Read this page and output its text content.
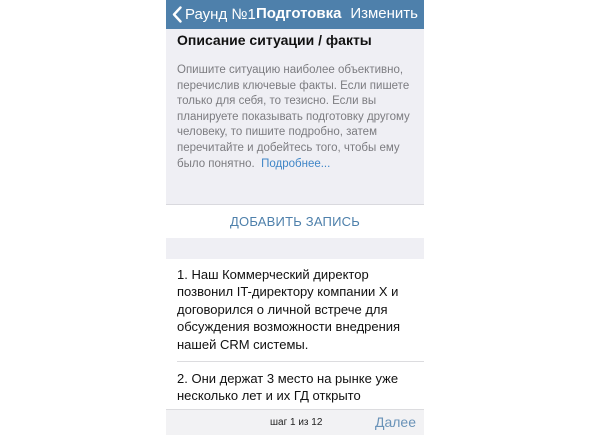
Раунд №1 Подготовка Изменить
Описание ситуации / факты
Опишите ситуацию наиболее объективно, перечислив ключевые факты. Если пишете только для себя, то тезисно. Если вы планируете показывать подготовку другому человеку, то пишите подробно, затем перечитайте и добейтесь того, чтобы ему было понятно. Подробнее...
ДОБАВИТЬ ЗАПИСЬ
1. Наш Коммерческий директор позвонил IT-директору компании X и договорился о личной встрече для обсуждения возможности внедрения нашей CRM системы.
2. Они держат 3 место на рынке уже несколько лет и их ГД открыто
шаг 1 из 12	Далее
